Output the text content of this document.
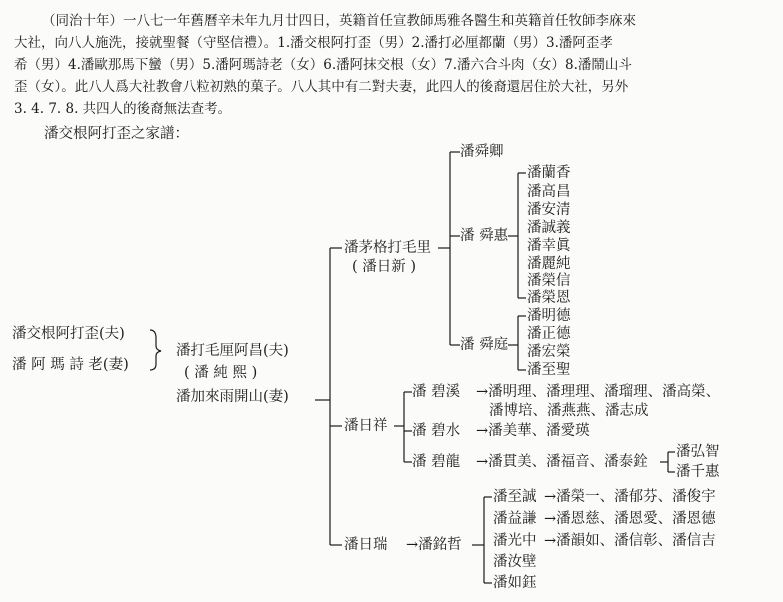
（同治十年）一八七一年舊曆辛未年九月廿四日，英籍首任宣教師馬雅各醫生和英籍首任牧師李庥來
大社，向八人施洗，接就聖餐（守堅信禮）。1.潘交根阿打歪（男）2.潘打必厘都蘭（男）3.潘阿歪孝
希（男）4.潘歐那馬下蠻（男）5.潘阿瑪詩老（女）6.潘阿抹交根（女）7.潘六合斗肉（女）8.潘鬧山斗
歪（女）。此八人爲大社教會八粒初熟的菓子。八人其中有二對夫妻，此四人的後裔還居住於大社，另外
3. 4. 7. 8. 共四人的後裔無法查考。
潘交根阿打歪之家譜：
潘交根阿打歪(夫)
潘 阿 瑪 詩 老(妻)
潘打毛厘阿昌(夫)
( 潘 純 熙 )
潘加來雨開山(妻)
潘茅格打毛里
( 潘日新 )
潘日祥
潘日瑞 →潘銘哲
潘舜卿
潘 舜惠
潘 舜庭
潘蘭香
潘高昌
潘安清
潘誠義
潘幸眞
潘麗純
潘榮信
潘榮恩
潘明德
潘正德
潘宏榮
潘至聖
潘 碧溪 →潘明理、潘理理、潘瑠理、潘高榮、
潘博培、潘燕燕、潘志成
潘 碧水 →潘美華、潘愛瑛
潘 碧龍 →潘貫美、潘福音、潘泰銓
潘弘智
潘千惠
潘至誠 →潘榮一、潘郁芬、潘俊宇
潘益謙 →潘恩慈、潘恩愛、潘恩德
潘光中 →潘韻如、潘信彰、潘信吉
潘汝壁
潘如鈺
